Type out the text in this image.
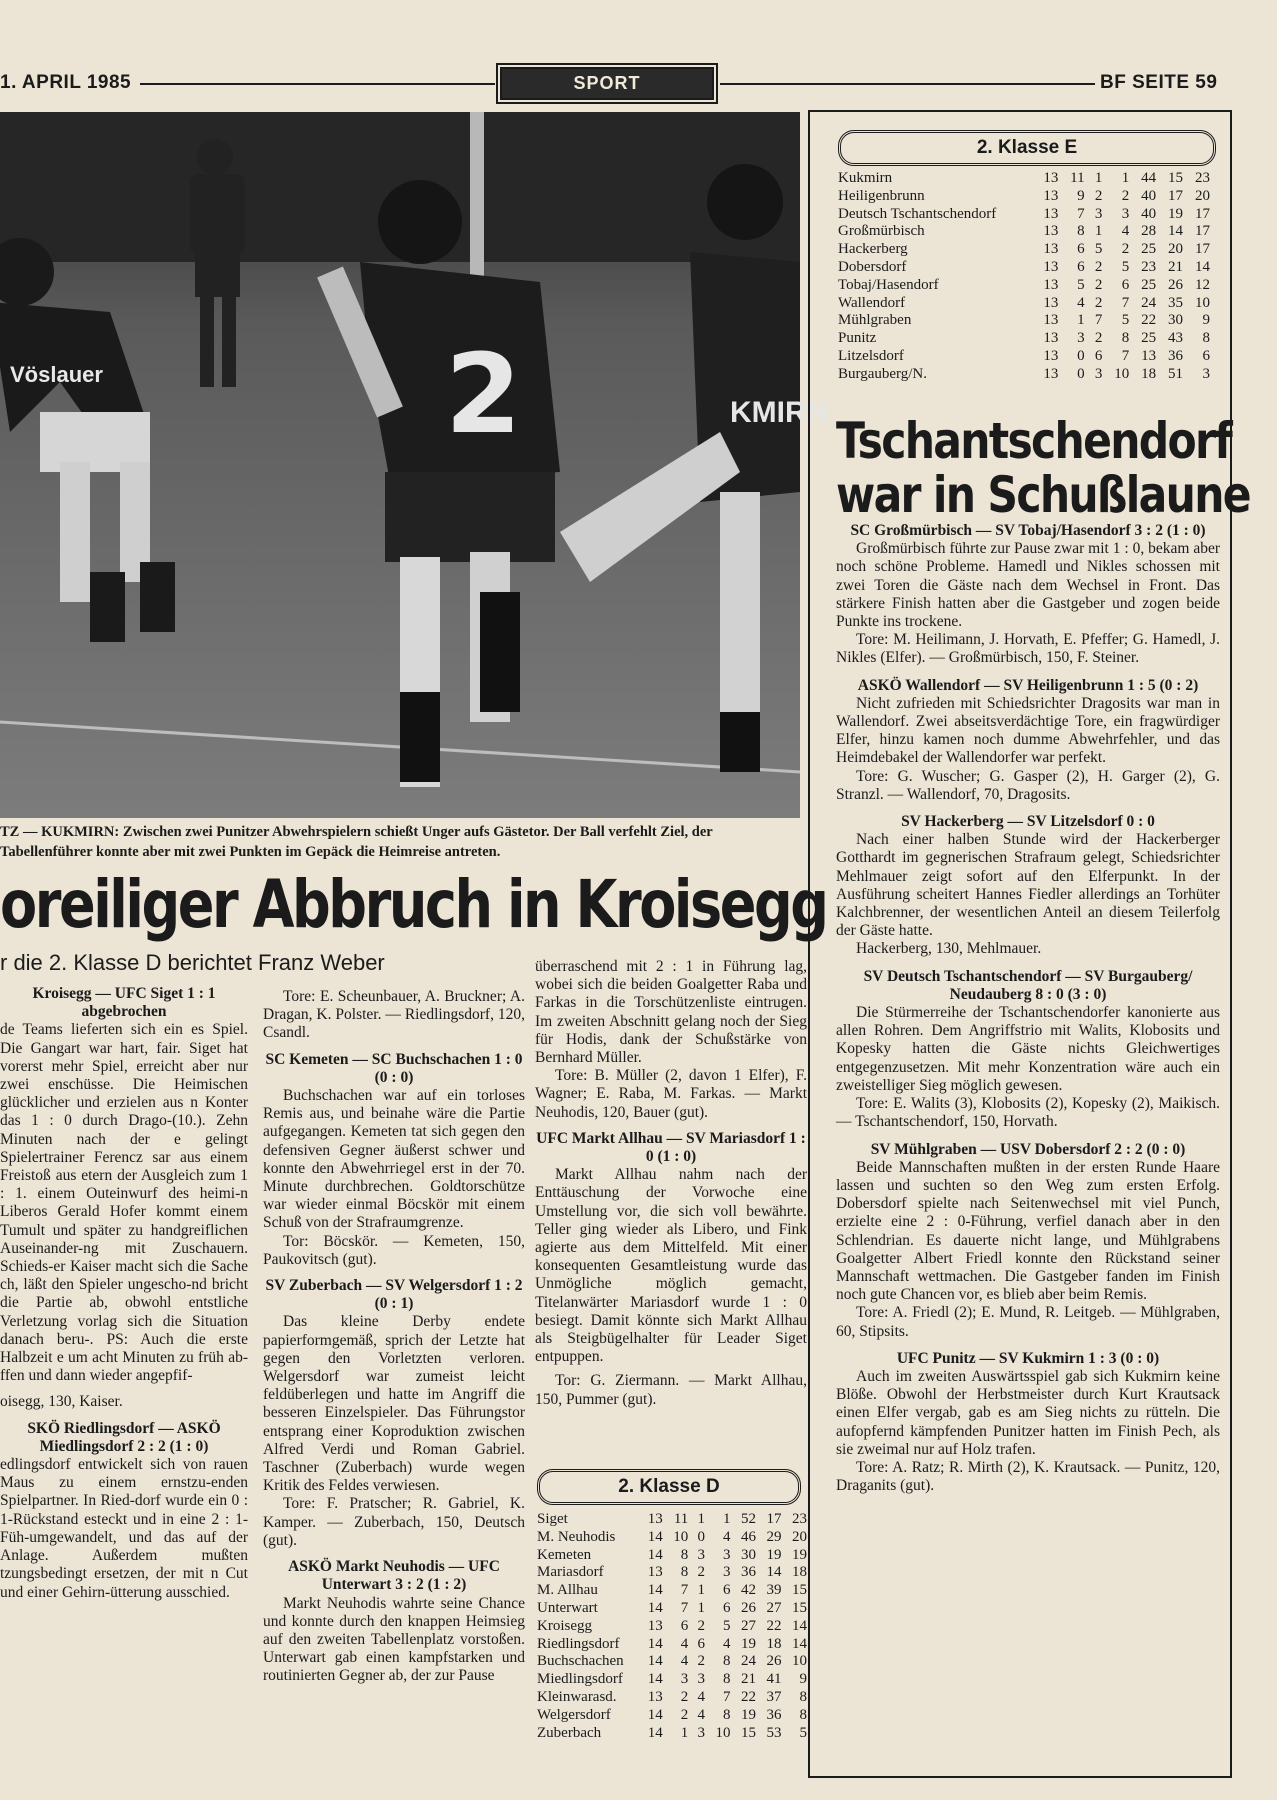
1. APRIL 1985	SPORT	BF SEITE 59
Vöslauer	2	KMIRN
TZ — KUKMIRN: Zwischen zwei Punitzer Abwehrspielern schießt Unger aufs Gästetor. Der Ball verfehlt Ziel, der Tabellenführer konnte aber mit zwei Punkten im Gepäck die Heimreise antreten.
oreiliger Abbruch in Kroisegg
r die 2. Klasse D berichtet Franz Weber

Kroisegg — UFC Siget 1 : 1 abgebrochen

de Teams lieferten sich ein es Spiel. Die Gangart war hart, fair. Siget hat vorerst mehr Spiel, erreicht aber nur zwei enschüsse. Die Heimischen glücklicher und erzielen aus n Konter das 1 : 0 durch Drago-(10.). Zehn Minuten nach der e gelingt Spielertrainer Ferencz sar aus einem Freistoß aus etern der Ausgleich zum 1 : 1. einem Outeinwurf des heimi-n Liberos Gerald Hofer kommt einem Tumult und später zu handgreiflichen Auseinander-ng mit Zuschauern. Schieds-er Kaiser macht sich die Sache ch, läßt den Spieler ungescho-nd bricht die Partie ab, obwohl entstliche Verletzung vorlag sich die Situation danach beru-. PS: Auch die erste Halbzeit e um acht Minuten zu früh ab-ffen und dann wieder angepfif-

oisegg, 130, Kaiser.

SKÖ Riedlingsdorf — ASKÖ Miedlingsdorf 2 : 2 (1 : 0)

edlingsdorf entwickelt sich von rauen Maus zu einem ernstzu-enden Spielpartner. In Ried-dorf wurde ein 0 : 1-Rückstand esteckt und in eine 2 : 1-Füh-umgewandelt, und das auf der Anlage. Außerdem mußten tzungsbedingt ersetzen, der mit n Cut und einer Gehirn-ütterung ausschied.

Tore: E. Scheunbauer, A. Bruckner; A. Dragan, K. Polster. — Riedlingsdorf, 120, Csandl.

SC Kemeten — SC Buchschachen 1 : 0 (0 : 0)

Buchschachen war auf ein torloses Remis aus, und beinahe wäre die Partie aufgegangen. Kemeten tat sich gegen den defensiven Gegner äußerst schwer und konnte den Abwehrriegel erst in der 70. Minute durchbrechen. Goldtorschütze war wieder einmal Böcskör mit einem Schuß von der Strafraumgrenze.

Tor: Böcskör. — Kemeten, 150, Paukovitsch (gut).

SV Zuberbach — SV Welgersdorf 1 : 2 (0 : 1)

Das kleine Derby endete papierformgemäß, sprich der Letzte hat gegen den Vorletzten verloren. Welgersdorf war zumeist leicht feldüberlegen und hatte im Angriff die besseren Einzelspieler. Das Führungstor entsprang einer Koproduktion zwischen Alfred Verdi und Roman Gabriel. Taschner (Zuberbach) wurde wegen Kritik des Feldes verwiesen.

Tore: F. Pratscher; R. Gabriel, K. Kamper. — Zuberbach, 150, Deutsch (gut).

ASKÖ Markt Neuhodis — UFC Unterwart 3 : 2 (1 : 2)

Markt Neuhodis wahrte seine Chance und konnte durch den knappen Heimsieg auf den zweiten Tabellenplatz vorstoßen. Unterwart gab einen kampfstarken und routinierten Gegner ab, der zur Pause

überraschend mit 2 : 1 in Führung lag, wobei sich die beiden Goalgetter Raba und Farkas in die Torschützenliste eintrugen. Im zweiten Abschnitt gelang noch der Sieg für Hodis, dank der Schußstärke von Bernhard Müller.

Tore: B. Müller (2, davon 1 Elfer), F. Wagner; E. Raba, M. Farkas. — Markt Neuhodis, 120, Bauer (gut).

UFC Markt Allhau — SV Mariasdorf 1 : 0 (1 : 0)

Markt Allhau nahm nach der Enttäuschung der Vorwoche eine Umstellung vor, die sich voll bewährte. Teller ging wieder als Libero, und Fink agierte aus dem Mittelfeld. Mit einer konsequenten Gesamtleistung wurde das Unmögliche möglich gemacht, Titelanwärter Mariasdorf wurde 1 : 0 besiegt. Damit könnte sich Markt Allhau als Steigbügelhalter für Leader Siget entpuppen.

Tor: G. Ziermann. — Markt Allhau, 150, Pummer (gut).

2. Klasse D
Siget	13	11	1	1	52	17	23
M. Neuhodis	14	10	0	4	46	29	20
Kemeten	14	8	3	3	30	19	19
Mariasdorf	13	8	2	3	36	14	18
M. Allhau	14	7	1	6	42	39	15
Unterwart	14	7	1	6	26	27	15
Kroisegg	13	6	2	5	27	22	14
Riedlingsdorf	14	4	6	4	19	18	14
Buchschachen	14	4	2	8	24	26	10
Miedlingsdorf	14	3	3	8	21	41	9
Kleinwarasd.	13	2	4	7	22	37	8
Welgersdorf	14	2	4	8	19	36	8
Zuberbach	14	1	3	10	15	53	5
2. Klasse E
Kukmirn	13	11	1	1	44	15	23
Heiligenbrunn	13	9	2	2	40	17	20
Deutsch Tschantschendorf	13	7	3	3	40	19	17
Großmürbisch	13	8	1	4	28	14	17
Hackerberg	13	6	5	2	25	20	17
Dobersdorf	13	6	2	5	23	21	14
Tobaj/Hasendorf	13	5	2	6	25	26	12
Wallendorf	13	4	2	7	24	35	10
Mühlgraben	13	1	7	5	22	30	9
Punitz	13	3	2	8	25	43	8
Litzelsdorf	13	0	6	7	13	36	6
Burgauberg/N.	13	0	3	10	18	51	3
Tschantschendorf
war in Schußlaune

SC Großmürbisch — SV Tobaj/Hasendorf 3 : 2 (1 : 0)

Großmürbisch führte zur Pause zwar mit 1 : 0, bekam aber noch schöne Probleme. Hamedl und Nikles schossen mit zwei Toren die Gäste nach dem Wechsel in Front. Das stärkere Finish hatten aber die Gastgeber und zogen beide Punkte ins trockene.

Tore: M. Heilimann, J. Horvath, E. Pfeffer; G. Hamedl, J. Nikles (Elfer). — Großmürbisch, 150, F. Steiner.

ASKÖ Wallendorf — SV Heiligenbrunn 1 : 5 (0 : 2)

Nicht zufrieden mit Schiedsrichter Dragosits war man in Wallendorf. Zwei abseitsverdächtige Tore, ein fragwürdiger Elfer, hinzu kamen noch dumme Abwehrfehler, und das Heimdebakel der Wallendorfer war perfekt.

Tore: G. Wuscher; G. Gasper (2), H. Garger (2), G. Stranzl. — Wallendorf, 70, Dragosits.

SV Hackerberg — SV Litzelsdorf 0 : 0

Nach einer halben Stunde wird der Hackerberger Gotthardt im gegnerischen Strafraum gelegt, Schiedsrichter Mehlmauer zeigt sofort auf den Elferpunkt. In der Ausführung scheitert Hannes Fiedler allerdings an Torhüter Kalchbrenner, der wesentlichen Anteil an diesem Teilerfolg der Gäste hatte.

Hackerberg, 130, Mehlmauer.

SV Deutsch Tschantschendorf — SV Burgauberg/ Neudauberg 8 : 0 (3 : 0)

Die Stürmerreihe der Tschantschendorfer kanonierte aus allen Rohren. Dem Angriffstrio mit Walits, Klobosits und Kopesky hatten die Gäste nichts Gleichwertiges entgegenzusetzen. Mit mehr Konzentration wäre auch ein zweistelliger Sieg möglich gewesen.

Tore: E. Walits (3), Klobosits (2), Kopesky (2), Maikisch. — Tschantschendorf, 150, Horvath.

SV Mühlgraben — USV Dobersdorf 2 : 2 (0 : 0)

Beide Mannschaften mußten in der ersten Runde Haare lassen und suchten so den Weg zum ersten Erfolg. Dobersdorf spielte nach Seitenwechsel mit viel Punch, erzielte eine 2 : 0-Führung, verfiel danach aber in den Schlendrian. Es dauerte nicht lange, und Mühlgrabens Goalgetter Albert Friedl konnte den Rückstand seiner Mannschaft wettmachen. Die Gastgeber fanden im Finish noch gute Chancen vor, es blieb aber beim Remis.

Tore: A. Friedl (2); E. Mund, R. Leitgeb. — Mühlgraben, 60, Stipsits.

UFC Punitz — SV Kukmirn 1 : 3 (0 : 0)

Auch im zweiten Auswärtsspiel gab sich Kukmirn keine Blöße. Obwohl der Herbstmeister durch Kurt Krautsack einen Elfer vergab, gab es am Sieg nichts zu rütteln. Die aufopfernd kämpfenden Punitzer hatten im Finish Pech, als sie zweimal nur auf Holz trafen.

Tore: A. Ratz; R. Mirth (2), K. Krautsack. — Punitz, 120, Draganits (gut).
